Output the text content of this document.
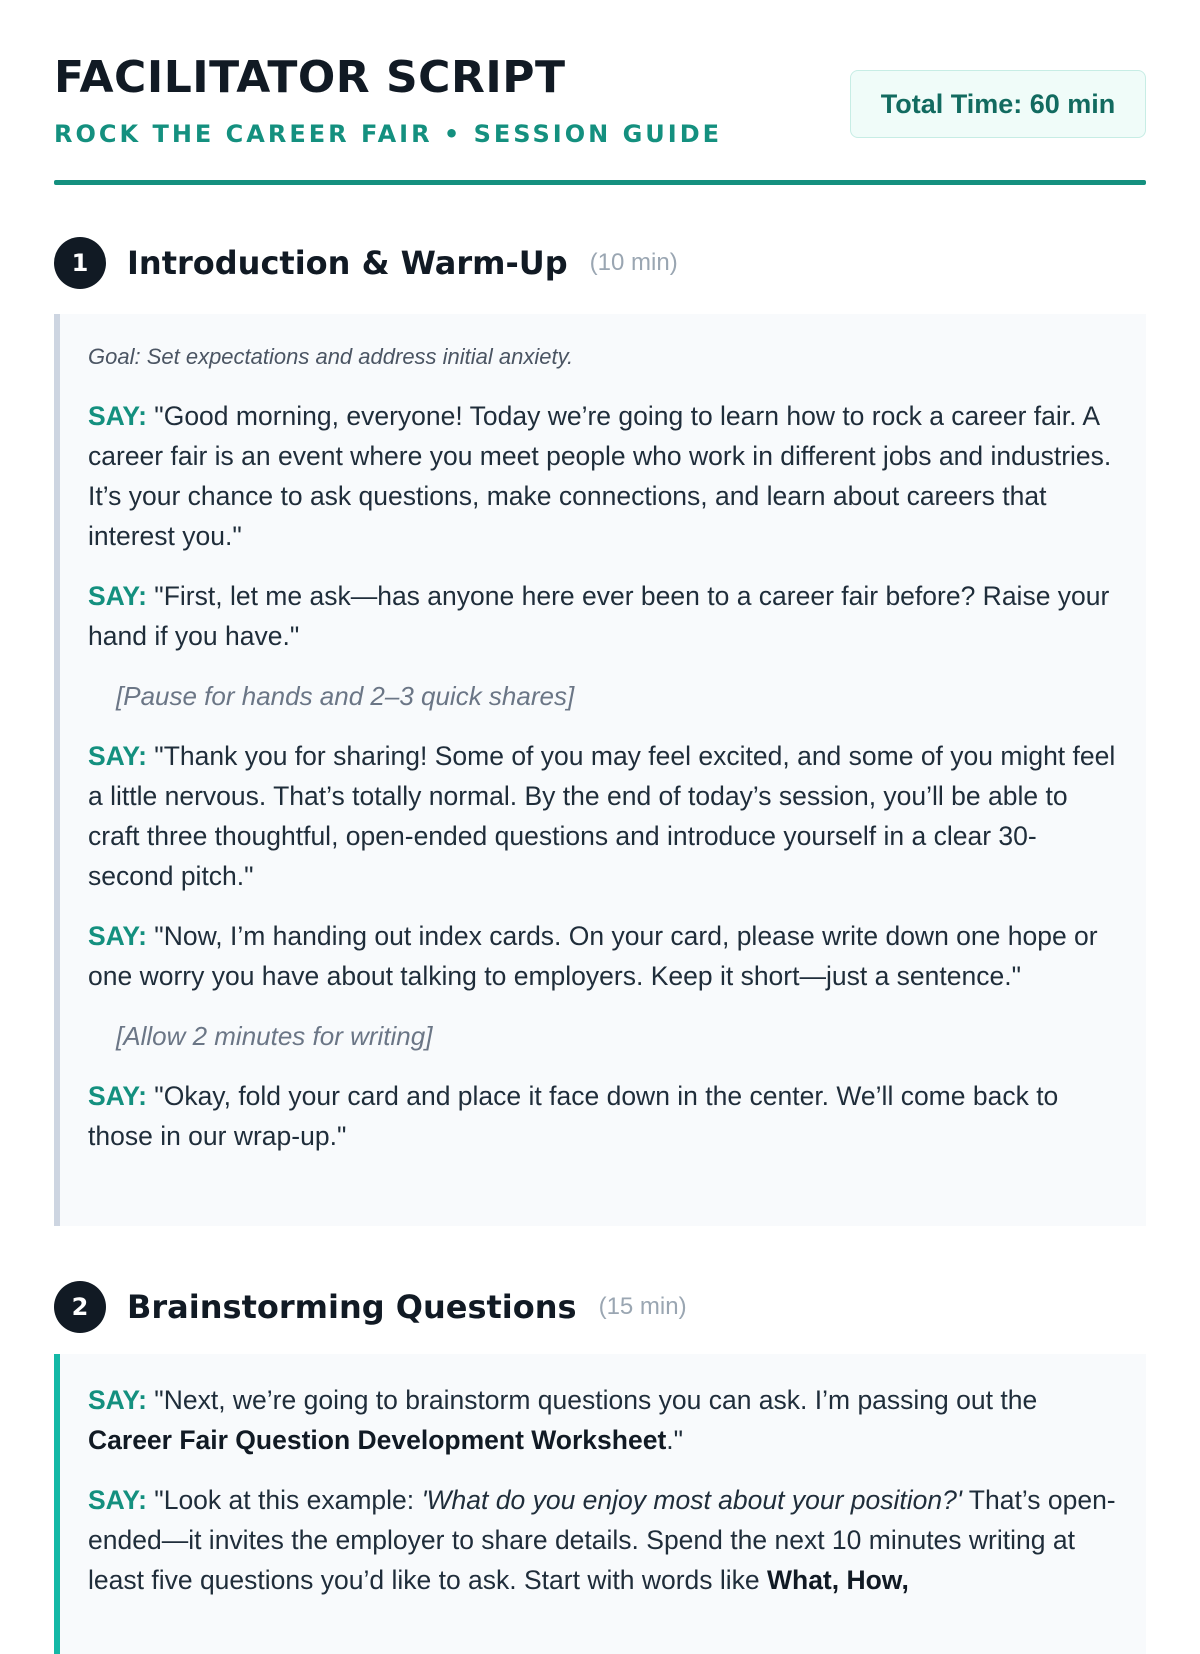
FACILITATOR SCRIPT
ROCK THE CAREER FAIR • SESSION GUIDE
Total Time: 60 min
1	Introduction & Warm-Up (10 min)

Goal: Set expectations and address initial anxiety.

SAY: "Good morning, everyone! Today we’re going to learn how to rock a career fair. A career fair is an event where you meet people who work in different jobs and industries. It’s your chance to ask questions, make connections, and learn about careers that interest you."

SAY: "First, let me ask—has anyone here ever been to a career fair before? Raise your hand if you have."

[Pause for hands and 2–3 quick shares]

SAY: "Thank you for sharing! Some of you may feel excited, and some of you might feel a little nervous. That’s totally normal. By the end of today’s session, you’ll be able to craft three thoughtful, open-ended questions and introduce yourself in a clear 30-second pitch."

SAY: "Now, I’m handing out index cards. On your card, please write down one hope or one worry you have about talking to employers. Keep it short—just a sentence."

[Allow 2 minutes for writing]

SAY: "Okay, fold your card and place it face down in the center. We’ll come back to those in our wrap-up."

2	Brainstorming Questions (15 min)

SAY: "Next, we’re going to brainstorm questions you can ask. I’m passing out the Career Fair Question Development Worksheet."

SAY: "Look at this example: 'What do you enjoy most about your position?' That’s open-ended—it invites the employer to share details. Spend the next 10 minutes writing at least five questions you’d like to ask. Start with words like What, How,
